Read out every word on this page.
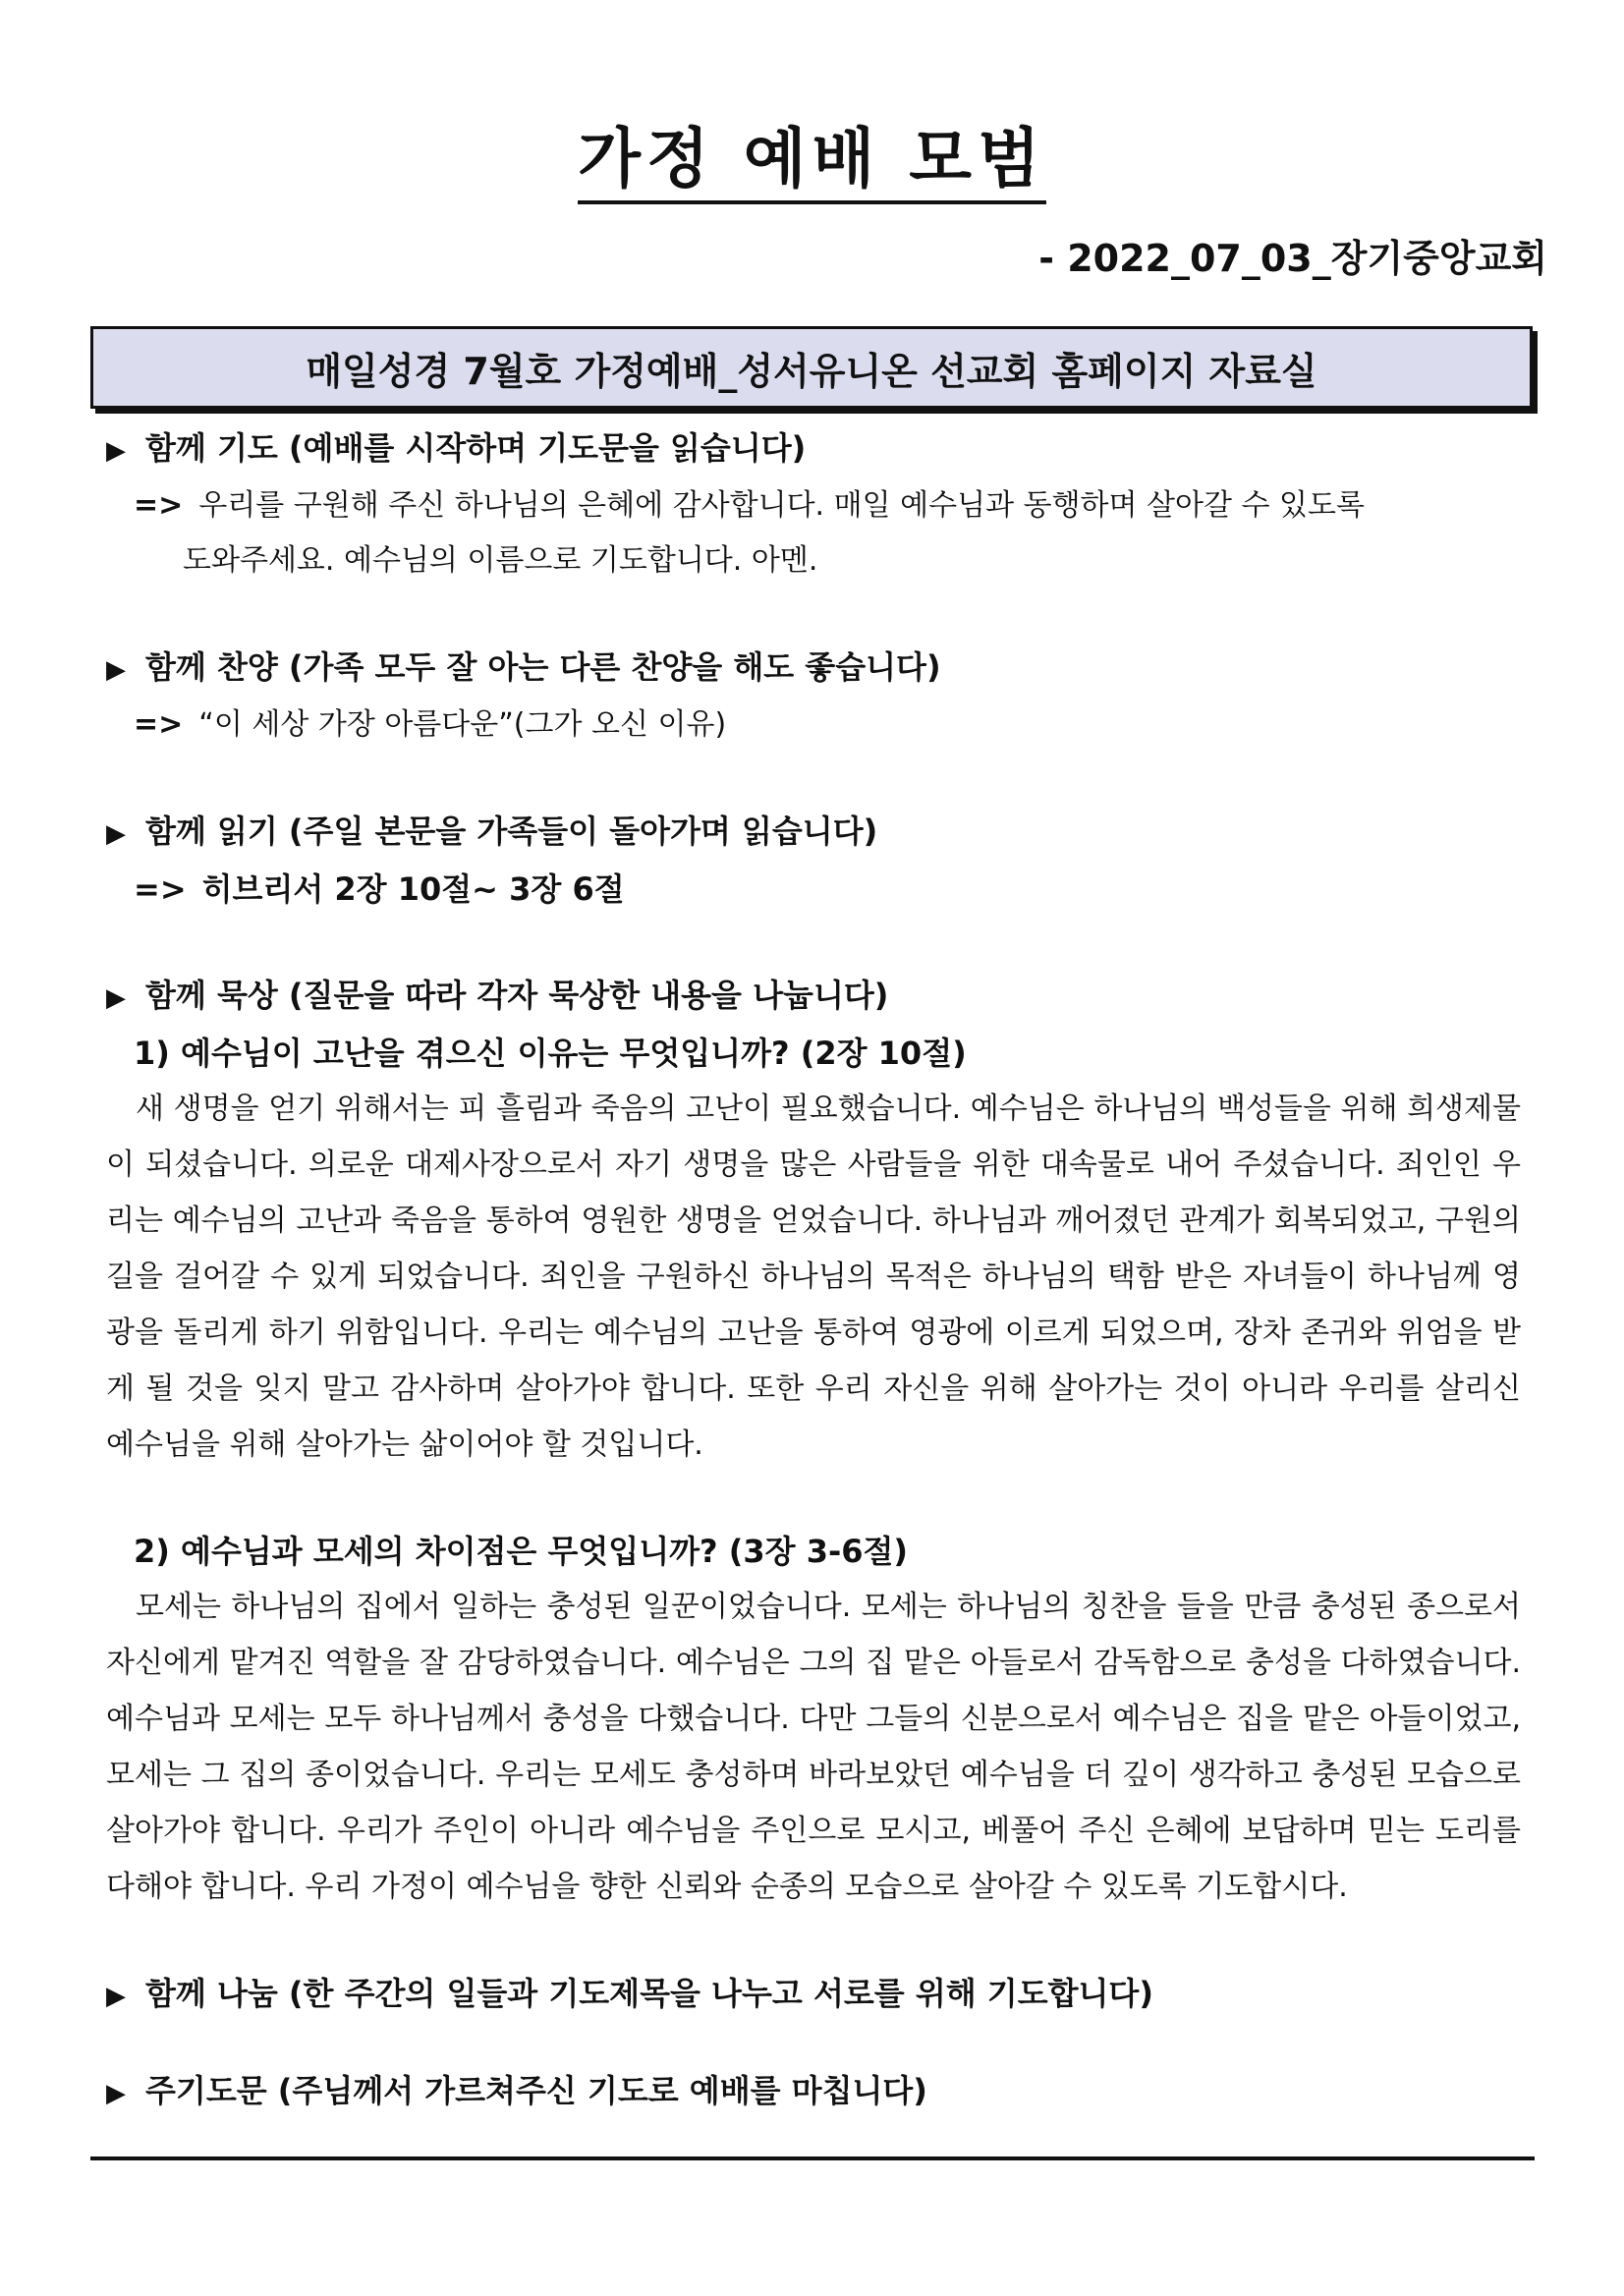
가정 예배 모범
- 2022_07_03_장기중앙교회
매일성경 7월호 가정예배_성서유니온 선교회 홈페이지 자료실
▶ 함께 기도 (예배를 시작하며 기도문을 읽습니다)
=> 우리를 구원해 주신 하나님의 은혜에 감사합니다. 매일 예수님과 동행하며 살아갈 수 있도록
도와주세요. 예수님의 이름으로 기도합니다. 아멘.
▶ 함께 찬양 (가족 모두 잘 아는 다른 찬양을 해도 좋습니다)
=> “이 세상 가장 아름다운”(그가 오신 이유)
▶ 함께 읽기 (주일 본문을 가족들이 돌아가며 읽습니다)
=> 히브리서 2장 10절~ 3장 6절
▶ 함께 묵상 (질문을 따라 각자 묵상한 내용을 나눕니다)
1) 예수님이 고난을 겪으신 이유는 무엇입니까? (2장 10절)
새 생명을 얻기 위해서는 피 흘림과 죽음의 고난이 필요했습니다. 예수님은 하나님의 백성들을 위해 희생제물이 되셨습니다. 의로운 대제사장으로서 자기 생명을 많은 사람들을 위한 대속물로 내어 주셨습니다. 죄인인 우리는 예수님의 고난과 죽음을 통하여 영원한 생명을 얻었습니다. 하나님과 깨어졌던 관계가 회복되었고, 구원의 길을 걸어갈 수 있게 되었습니다. 죄인을 구원하신 하나님의 목적은 하나님의 택함 받은 자녀들이 하나님께 영광을 돌리게 하기 위함입니다. 우리는 예수님의 고난을 통하여 영광에 이르게 되었으며, 장차 존귀와 위엄을 받게 될 것을 잊지 말고 감사하며 살아가야 합니다. 또한 우리 자신을 위해 살아가는 것이 아니라 우리를 살리신 예수님을 위해 살아가는 삶이어야 할 것입니다.
2) 예수님과 모세의 차이점은 무엇입니까? (3장 3-6절)
모세는 하나님의 집에서 일하는 충성된 일꾼이었습니다. 모세는 하나님의 칭찬을 들을 만큼 충성된 종으로서 자신에게 맡겨진 역할을 잘 감당하였습니다. 예수님은 그의 집 맡은 아들로서 감독함으로 충성을 다하였습니다. 예수님과 모세는 모두 하나님께서 충성을 다했습니다. 다만 그들의 신분으로서 예수님은 집을 맡은 아들이었고, 모세는 그 집의 종이었습니다. 우리는 모세도 충성하며 바라보았던 예수님을 더 깊이 생각하고 충성된 모습으로 살아가야 합니다. 우리가 주인이 아니라 예수님을 주인으로 모시고, 베풀어 주신 은혜에 보답하며 믿는 도리를 다해야 합니다. 우리 가정이 예수님을 향한 신뢰와 순종의 모습으로 살아갈 수 있도록 기도합시다.
▶ 함께 나눔 (한 주간의 일들과 기도제목을 나누고 서로를 위해 기도합니다)
▶ 주기도문 (주님께서 가르쳐주신 기도로 예배를 마칩니다)
